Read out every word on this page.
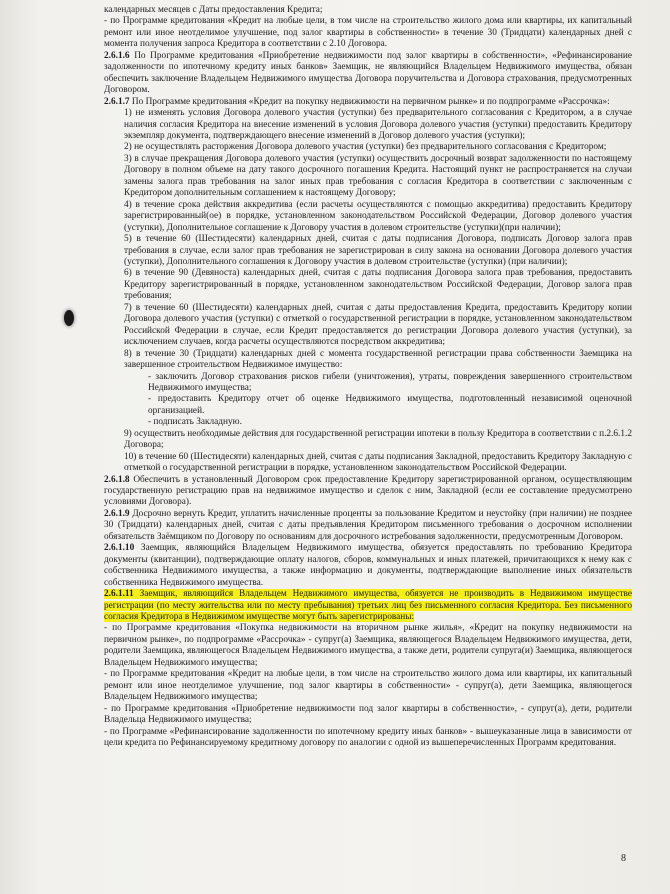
календарных месяцев с Даты предоставления Кредита;

- по Программе кредитования «Кредит на любые цели, в том числе на строительство жилого дома или квартиры, их капитальный ремонт или иное неотделимое улучшение, под залог квартиры в собственности» в течение 30 (Тридцати) календарных дней с момента получения запроса Кредитора в соответствии с 2.10 Договора.

2.6.1.6 По Программе кредитования «Приобретение недвижимости под залог квартиры в собственности», «Рефинансирование задолженности по ипотечному кредиту иных банков» Заемщик, не являющийся Владельцем Недвижимого имущества, обязан обеспечить заключение Владельцем Недвижимого имущества Договора поручительства и Договора страхования, предусмотренных Договором.

2.6.1.7 По Программе кредитования «Кредит на покупку недвижимости на первичном рынке» и по подпрограмме «Рассрочка»:

1) не изменять условия Договора долевого участия (уступки) без предварительного согласования с Кредитором, а в случае наличия согласия Кредитора на внесение изменений в условия Договора долевого участия (уступки) предоставить Кредитору экземпляр документа, подтверждающего внесение изменений в Договор долевого участия (уступки);

2) не осуществлять расторжения Договора долевого участия (уступки) без предварительного согласования с Кредитором;

3) в случае прекращения Договора долевого участия (уступки) осуществить досрочный возврат задолженности по настоящему Договору в полном объеме на дату такого досрочного погашения Кредита. Настоящий пункт не распространяется на случаи замены залога прав требования на залог иных прав требования с согласия Кредитора в соответствии с заключенным с Кредитором дополнительным соглашением к настоящему Договору;

4) в течение срока действия аккредитива (если расчеты осуществляются с помощью аккредитива) предоставить Кредитору зарегистрированный(ое) в порядке, установленном законодательством Российской Федерации, Договор долевого участия (уступки), Дополнительное соглашение к Договору участия в долевом строительстве (уступки)(при наличии);

5) в течение 60 (Шестидесяти) календарных дней, считая с даты подписания Договора, подписать Договор залога прав требования в случае, если залог прав требования не зарегистрирован в силу закона на основании Договора долевого участия (уступки), Дополнительного соглашения к Договору участия в долевом строительстве (уступки) (при наличии);

6) в течение 90 (Девяноста) календарных дней, считая с даты подписания Договора залога прав требования, предоставить Кредитору зарегистрированный в порядке, установленном законодательством Российской Федерации, Договор залога прав требования;

7) в течение 60 (Шестидесяти) календарных дней, считая с даты предоставления Кредита, предоставить Кредитору копии Договора долевого участия (уступки) с отметкой о государственной регистрации в порядке, установленном законодательством Российской Федерации в случае, если Кредит предоставляется до регистрации Договора долевого участия (уступки), за исключением случаев, когда расчеты осуществляются посредством аккредитива;

8) в течение 30 (Тридцати) календарных дней с момента государственной регистрации права собственности Заемщика на завершенное строительством Недвижимое имущество:

- заключить Договор страхования рисков гибели (уничтожения), утраты, повреждения завершенного строительством Недвижимого имущества;

- предоставить Кредитору отчет об оценке Недвижимого имущества, подготовленный независимой оценочной организацией.

- подписать Закладную.

9) осуществить необходимые действия для государственной регистрации ипотеки в пользу Кредитора в соответствии с п.2.6.1.2 Договора;

10) в течение 60 (Шестидесяти) календарных дней, считая с даты подписания Закладной, предоставить Кредитору Закладную с отметкой о государственной регистрации в порядке, установленном законодательством Российской Федерации.

2.6.1.8 Обеспечить в установленный Договором срок предоставление Кредитору зарегистрированной органом, осуществляющим государственную регистрацию прав на недвижимое имущество и сделок с ним, Закладной (если ее составление предусмотрено условиями Договора).

2.6.1.9 Досрочно вернуть Кредит, уплатить начисленные проценты за пользование Кредитом и неустойку (при наличии) не позднее 30 (Тридцати) календарных дней, считая с даты предъявления Кредитором письменного требования о досрочном исполнении обязательств Заёмщиком по Договору по основаниям для досрочного истребования задолженности, предусмотренным Договором.

2.6.1.10 Заемщик, являющийся Владельцем Недвижимого имущества, обязуется предоставлять по требованию Кредитора документы (квитанции), подтверждающие оплату налогов, сборов, коммунальных и иных платежей, причитающихся к нему как с собственника Недвижимого имущества, а также информацию и документы, подтверждающие выполнение иных обязательств собственника Недвижимого имущества.

2.6.1.11 Заемщик, являющийся Владельцем Недвижимого имущества, обязуется не производить в Недвижимом имуществе регистрации (по месту жительства или по месту пребывания) третьих лиц без письменного согласия Кредитора. Без письменного согласия Кредитора в Недвижимом имуществе могут быть зарегистрированы:

- по Программе кредитования «Покупка недвижимости на вторичном рынке жилья», «Кредит на покупку недвижимости на первичном рынке», по подпрограмме «Рассрочка» - супруг(а) Заемщика, являющегося Владельцем Недвижимого имущества, дети, родители Заемщика, являющегося Владельцем Недвижимого имущества, а также дети, родители супруга(и) Заемщика, являющегося Владельцем Недвижимого имущества;

- по Программе кредитования «Кредит на любые цели, в том числе на строительство жилого дома или квартиры, их капитальный ремонт или иное неотделимое улучшение, под залог квартиры в собственности» - супруг(а), дети Заемщика, являющегося Владельцем Недвижимого имущества;

- по Программе кредитования «Приобретение недвижимости под залог квартиры в собственности», - супруг(а), дети, родители Владельца Недвижимого имущества;

- по Программе «Рефинансирование задолженности по ипотечному кредиту иных банков» - вышеуказанные лица в зависимости от цели кредита по Рефинансируемому кредитному договору по аналогии с одной из вышеперечисленных Программ кредитования.

8
